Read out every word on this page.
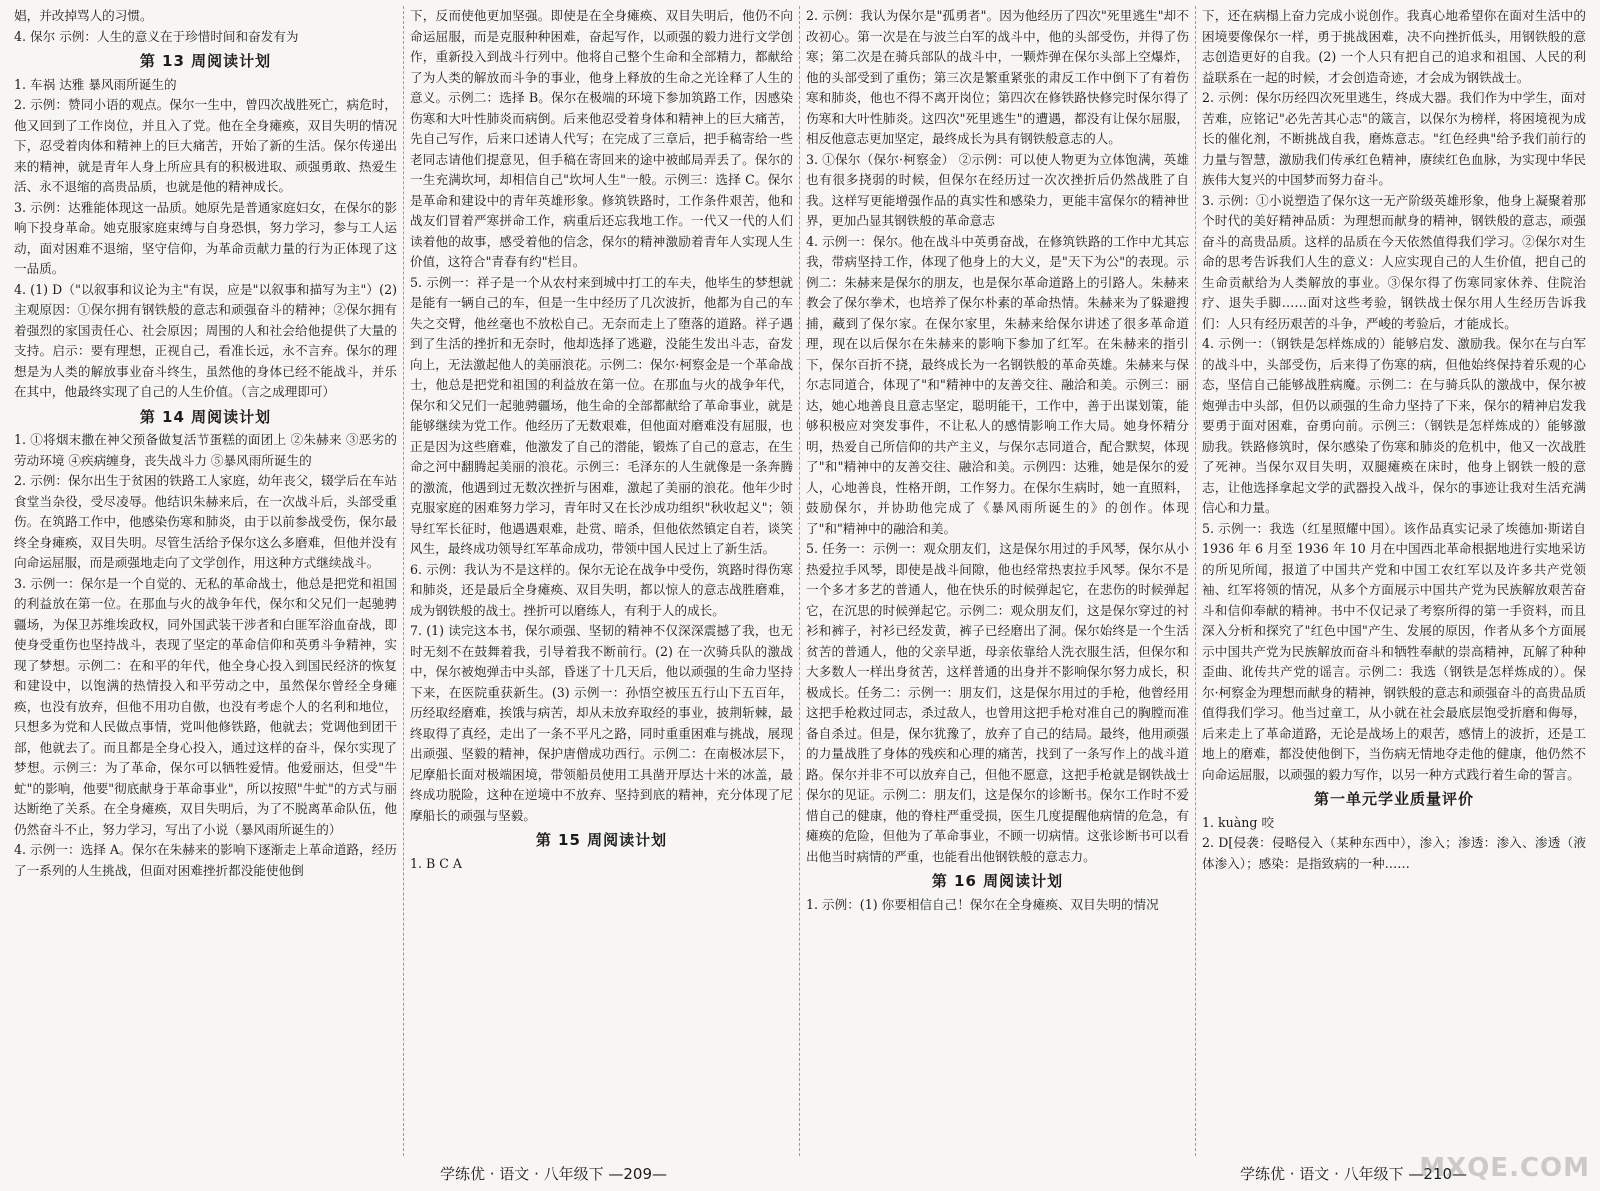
娼，并改掉骂人的习惯。

4. 保尔 示例：人生的意义在于珍惜时间和奋发有为

第 13 周阅读计划

1. 车祸 达雅 暴风雨所诞生的

2. 示例：赞同小语的观点。保尔一生中，曾四次战胜死亡，病危时，他又回到了工作岗位，并且入了党。他在全身瘫痪，双目失明的情况下，忍受着肉体和精神上的巨大痛苦，开始了新的生活。保尔传递出来的精神，就是青年人身上所应具有的积极进取、顽强勇敢、热爱生活、永不退缩的高贵品质，也就是他的精神成长。

3. 示例：达雅能体现这一品质。她原先是普通家庭妇女，在保尔的影响下投身革命。她克服家庭束缚与自身恐惧，努力学习，参与工人运动，面对困难不退缩，坚守信仰，为革命贡献力量的行为正体现了这一品质。

4. (1) D（"以叙事和议论为主"有误，应是"以叙事和描写为主"）(2) 主观原因：①保尔拥有钢铁般的意志和顽强奋斗的精神；②保尔拥有着强烈的家国责任心、社会原因；周围的人和社会给他提供了大量的支持。启示：要有理想，正视自己，看准长远，永不言弃。保尔的理想是为人类的解放事业奋斗终生，虽然他的身体已经不能战斗，并乐在其中，他最终实现了自己的人生价值。（言之成理即可）

第 14 周阅读计划

1. ①将烟末撒在神父预备做复活节蛋糕的面团上 ②朱赫来 ③恶劣的劳动环境 ④疾病缠身，丧失战斗力 ⑤暴风雨所诞生的

2. 示例：保尔出生于贫困的铁路工人家庭，幼年丧父，辍学后在车站食堂当杂役，受尽凌辱。他结识朱赫来后，在一次战斗后，头部受重伤。在筑路工作中，他感染伤寒和肺炎，由于以前参战受伤，保尔最终全身瘫痪，双目失明。尽管生活给予保尔这么多磨难，但他并没有向命运屈服，而是顽强地走向了文学创作，用这种方式继续战斗。

3. 示例一：保尔是一个自觉的、无私的革命战士，他总是把党和祖国的利益放在第一位。在那血与火的战争年代，保尔和父兄们一起驰骋疆场，为保卫苏维埃政权，同外国武装干涉者和白匪军浴血奋战，即使身受重伤也坚持战斗，表现了坚定的革命信仰和英勇斗争精神，实现了梦想。示例二：在和平的年代，他全身心投入到国民经济的恢复和建设中，以饱满的热情投入和平劳动之中，虽然保尔曾经全身瘫痪，也没有放弃，但他不用功自傲，也没有考虑个人的名利和地位，只想多为党和人民做点事情，党叫他修铁路，他就去；党调他到团干部，他就去了。而且都是全身心投入，通过这样的奋斗，保尔实现了梦想。示例三：为了革命，保尔可以牺牲爱情。他爱丽达，但受"牛虻"的影响，他要"彻底献身于革命事业"，所以按照"牛虻"的方式与丽达断绝了关系。在全身瘫痪，双目失明后，为了不脱离革命队伍，他仍然奋斗不止，努力学习，写出了小说（暴风雨所诞生的）

4. 示例一：选择 A。保尔在朱赫来的影响下逐渐走上革命道路，经历了一系列的人生挑战，但面对困难挫折都没能使他倒

下，反而使他更加坚强。即使是在全身瘫痪、双目失明后，他仍不向命运屈服，而是克服种种困难，奋起写作，以顽强的毅力进行文学创作，重新投入到战斗行列中。他将自己整个生命和全部精力，都献给了为人类的解放而斗争的事业，他身上释放的生命之光诠释了人生的意义。示例二：选择 B。保尔在极端的环境下参加筑路工作，因感染伤寒和大叶性肺炎而病倒。后来他忍受着身体和精神上的巨大痛苦，先自己写作，后来口述请人代写；在完成了三章后，把手稿寄给一些老同志请他们提意见，但手稿在寄回来的途中被邮局弄丢了。保尔的一生充满坎坷，却相信自己"坎坷人生"一般。示例三：选择 C。保尔是革命和建设中的青年英雄形象。修筑铁路时，工作条件艰苦，他和战友们冒着严寒拼命工作，病重后还忘我地工作。一代又一代的人们读着他的故事，感受着他的信念，保尔的精神激励着青年人实现人生价值，这符合"青春有约"栏目。

5. 示例一：祥子是一个从农村来到城中打工的车夫，他毕生的梦想就是能有一辆自己的车，但是一生中经历了几次波折，他都为自己的车失之交臂，他丝毫也不放松自己。无奈而走上了堕落的道路。祥子遇到了生活的挫折和无奈时，他却选择了逃避，没能生发出斗志，奋发向上，无法激起他人的美丽浪花。示例二：保尔·柯察金是一个革命战士，他总是把党和祖国的利益放在第一位。在那血与火的战争年代，保尔和父兄们一起驰骋疆场，他生命的全部都献给了革命事业，就是能够继续为党工作。他经历了无数艰难，但他面对磨难没有屈服，也正是因为这些磨难，他激发了自己的潜能，锻炼了自己的意志，在生命之河中翻腾起美丽的浪花。示例三：毛泽东的人生就像是一条奔腾的激流，他遇到过无数次挫折与困难，激起了美丽的浪花。他年少时克服家庭的困难努力学习，青年时又在长沙成功组织"秋收起义"；领导红军长征时，他遇遇艰难，赴赏、暗杀，但他依然镇定自若，谈笑风生，最终成功领导红军革命成功，带领中国人民过上了新生活。

6. 示例：我认为不是这样的。保尔无论在战争中受伤，筑路时得伤寒和肺炎，还是最后全身瘫痪、双目失明，都以惊人的意志战胜磨难，成为钢铁般的战士。挫折可以磨练人，有利于人的成长。

7. (1) 读完这本书，保尔顽强、坚韧的精神不仅深深震撼了我，也无时无刻不在鼓舞着我，引导着我不断前行。(2) 在一次骑兵队的激战中，保尔被炮弹击中头部，昏迷了十几天后，他以顽强的生命力坚持下来，在医院重获新生。(3) 示例一：孙悟空被压五行山下五百年，历经取经磨难，挨饿与病苦，却从未放弃取经的事业，披荆斩棘，最终取得了真经，走出了一条不平凡之路，同时重重困难与挑战，展现出顽强、坚毅的精神，保护唐僧成功西行。示例二：在南极冰层下，尼摩船长面对极端困境，带领船员使用工具凿开厚达十米的冰盖，最终成功脱险，这种在逆境中不放弃、坚持到底的精神，充分体现了尼摩船长的顽强与坚毅。

第 15 周阅读计划

1. B C A

2. 示例：我认为保尔是"孤勇者"。因为他经历了四次"死里逃生"却不改初心。第一次是在与波兰白军的战斗中，他的头部受伤，并得了伤寒；第二次是在骑兵部队的战斗中，一颗炸弹在保尔头部上空爆炸，他的头部受到了重伤；第三次是繁重紧张的肃反工作中倒下了有着伤寒和肺炎，他也不得不离开岗位；第四次在修铁路快修完时保尔得了伤寒和大叶性肺炎。这四次"死里逃生"的遭遇，都没有让保尔屈服，相反他意志更加坚定，最终成长为具有钢铁般意志的人。

3. ①保尔（保尔·柯察金） ②示例：可以使人物更为立体饱满，英雄也有很多挠弱的时候，但保尔在经历过一次次挫折后仍然战胜了自我。这样写更能增强作品的真实性和感染力，更能丰富保尔的精神世界，更加凸显其钢铁般的革命意志

4. 示例一：保尔。他在战斗中英勇奋战，在修筑铁路的工作中尤其忘我，带病坚持工作，体现了他身上的大义，是"天下为公"的表现。示例二：朱赫来是保尔的朋友，也是保尔革命道路上的引路人。朱赫来教会了保尔拳术，也培养了保尔朴素的革命热情。朱赫来为了躲避搜捕，藏到了保尔家。在保尔家里，朱赫来给保尔讲述了很多革命道理，现在以后保尔在朱赫来的影响下参加了红军。在朱赫来的指引下，保尔百折不挠，最终成长为一名钢铁般的革命英雄。朱赫来与保尔志同道合，体现了"和"精神中的友善交往、融洽和美。示例三：丽达，她心地善良且意志坚定，聪明能干，工作中，善于出谋划策，能够积极应对突发事件，不让私人的感情影响工作大局。她身怀精分明，热爱自己所信仰的共产主义，与保尔志同道合，配合默契，体现了"和"精神中的友善交往、融洽和美。示例四：达雅，她是保尔的爱人，心地善良，性格开朗，工作努力。在保尔生病时，她一直照料，鼓励保尔，并协助他完成了《暴风雨所诞生的》的创作。体现了"和"精神中的融洽和美。

5. 任务一：示例一：观众朋友们，这是保尔用过的手风琴，保尔从小热爱拉手风琴，即使是战斗间隙，他也经常热衷拉手风琴。保尔不是一个多才多艺的普通人，他在快乐的时候弹起它，在悲伤的时候弹起它，在沉思的时候弹起它。示例二：观众朋友们，这是保尔穿过的衬衫和裤子，衬衫已经发黄，裤子已经磨出了洞。保尔始终是一个生活贫苦的普通人，他的父亲早逝，母亲依靠给人洗衣服生活，但保尔和大多数人一样出身贫苦，这样普通的出身并不影响保尔努力成长，积极成长。任务二：示例一：朋友们，这是保尔用过的手枪，他曾经用这把手枪救过同志，杀过敌人，也曾用这把手枪对准自己的胸膛而准备自杀过。但是，保尔犹豫了，放弃了自己的结局。最终，他用顽强的力量战胜了身体的残疾和心理的痛苦，找到了一条写作上的战斗道路。保尔并非不可以放弃自己，但他不愿意，这把手枪就是钢铁战士保尔的见证。示例二：朋友们，这是保尔的诊断书。保尔工作时不爱惜自己的健康，他的脊柱严重受损，医生几度提醒他病情的危急，有瘫痪的危险，但他为了革命事业，不顾一切病情。这张诊断书可以看出他当时病情的严重，也能看出他钢铁般的意志力。

第 16 周阅读计划

1. 示例：(1) 你要相信自己！保尔在全身瘫痪、双目失明的情况

下，还在病榻上奋力完成小说创作。我真心地希望你在面对生活中的困境要像保尔一样，勇于挑战困难，决不向挫折低头，用钢铁般的意志创造更好的自我。(2) 一个人只有把自己的追求和祖国、人民的利益联系在一起的时候，才会创造奇迹，才会成为钢铁战士。

2. 示例：保尔历经四次死里逃生，终成大器。我们作为中学生，面对苦难，应铭记"必先苦其心志"的箴言，以保尔为榜样，将困境视为成长的催化剂，不断挑战自我，磨炼意志。"红色经典"给予我们前行的力量与智慧，激励我们传承红色精神，赓续红色血脉，为实现中华民族伟大复兴的中国梦而努力奋斗。

3. 示例：①小说塑造了保尔这一无产阶级英雄形象，他身上凝聚着那个时代的美好精神品质：为理想而献身的精神，钢铁般的意志，顽强奋斗的高贵品质。这样的品质在今天依然值得我们学习。②保尔对生命的思考告诉我们人生的意义：人应实现自己的人生价值，把自己的生命贡献给为人类解放的事业。③保尔得了伤寒同家休养、住院治疗、退失手脚……面对这些考验，钢铁战士保尔用人生经历告诉我们：人只有经历艰苦的斗争，严峻的考验后，才能成长。

4. 示例一：（钢铁是怎样炼成的）能够启发、激励我。保尔在与白军的战斗中，头部受伤，后来得了伤寒的病，但他始终保持着乐观的心态，坚信自己能够战胜病魔。示例二：在与骑兵队的激战中，保尔被炮弹击中头部，但仍以顽强的生命力坚持了下来，保尔的精神启发我要勇于面对困难，奋勇向前。示例三：（钢铁是怎样炼成的）能够激励我。铁路修筑时，保尔感染了伤寒和肺炎的危机中，他又一次战胜了死神。当保尔双目失明，双腿瘫痪在床时，他身上钢铁一般的意志，让他选择拿起文学的武器投入战斗，保尔的事迹让我对生活充满信心和力量。

5. 示例一：我选（红星照耀中国）。该作品真实记录了埃德加·斯诺自 1936 年 6 月至 1936 年 10 月在中国西北革命根据地进行实地采访的所见所闻，报道了中国共产党和中国工农红军以及许多共产党领袖、红军将领的情况，从多个方面展示中国共产党为民族解放艰苦奋斗和信仰奉献的精神。书中不仅记录了考察所得的第一手资料，而且深入分析和探究了"红色中国"产生、发展的原因，作者从多个方面展示中国共产党为民族解放而奋斗和牺牲奉献的崇高精神，瓦解了种种歪曲、讹传共产党的谣言。示例二：我选（钢铁是怎样炼成的）。保尔·柯察金为理想而献身的精神，钢铁般的意志和顽强奋斗的高贵品质值得我们学习。他当过童工，从小就在社会最底层饱受折磨和侮辱，后来走上了革命道路，无论是战场上的艰苦，感情上的波折，还是工地上的磨难，都没使他倒下，当伤病无情地夺走他的健康，他仍然不向命运屈服，以顽强的毅力写作，以另一种方式践行着生命的誓言。

第一单元学业质量评价

1. kuàng 咬

2. D[侵袭：侵略侵入（某种东西中），渗入；渗透：渗入、渗透（液体渗入）；感染：是指致病的一种……

学练优 · 语文 · 八年级下 —209—	学练优 · 语文 · 八年级下 —210—
MXQE.COM
